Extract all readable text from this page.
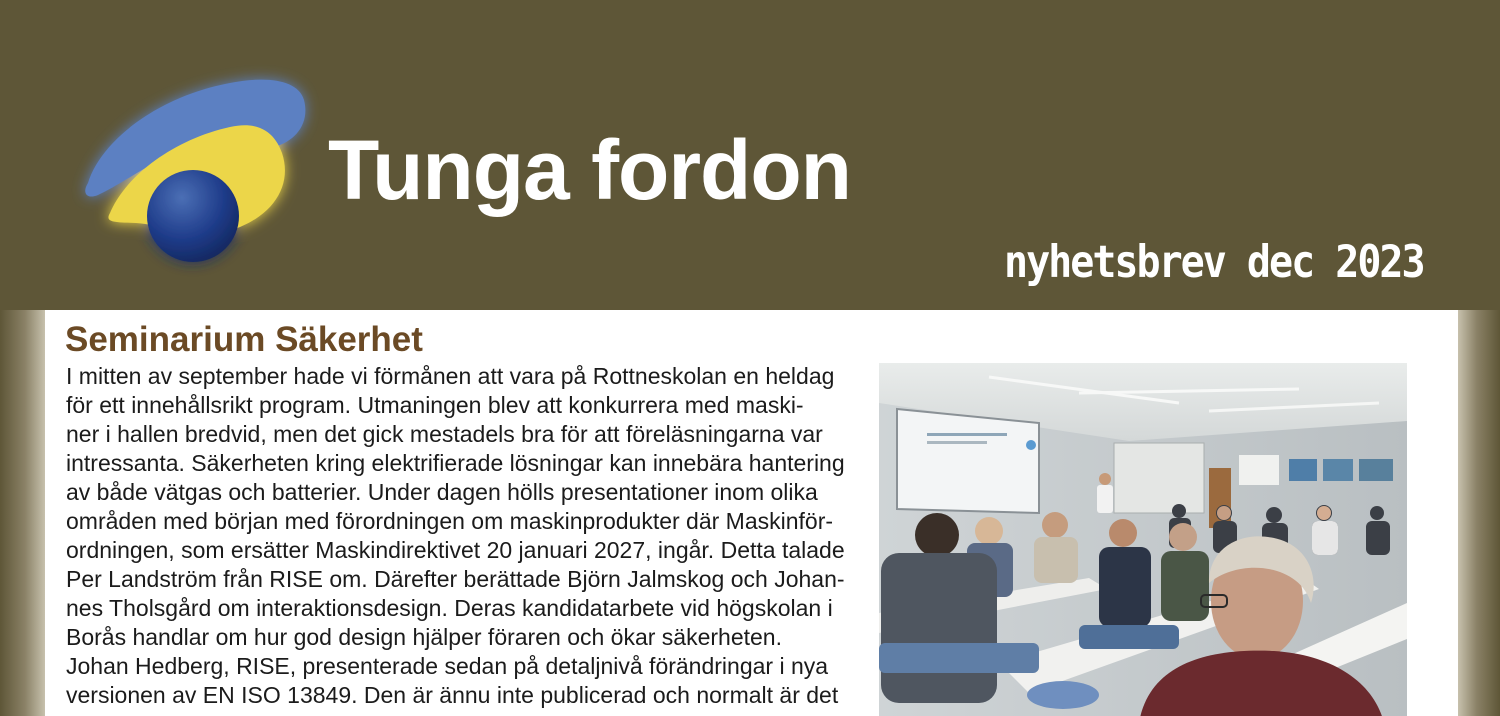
Tunga fordon
nyhetsbrev dec 2023
Seminarium Säkerhet
I mitten av september hade vi förmånen att vara på Rottneskolan en heldag
för ett innehållsrikt program. Utmaningen blev att konkurrera med maski-
ner i hallen bredvid, men det gick mestadels bra för att föreläsningarna var
intressanta. Säkerheten kring elektrifierade lösningar kan innebära hantering
av både vätgas och batterier. Under dagen hölls presentationer inom olika
områden med början med förordningen om maskinprodukter där Maskinför-
ordningen, som ersätter Maskindirektivet 20 januari 2027, ingår. Detta talade
Per Landström från RISE om. Därefter berättade Björn Jalmskog och Johan-
nes Tholsgård om interaktionsdesign. Deras kandidatarbete vid högskolan i
Borås handlar om hur god design hjälper föraren och ökar säkerheten.
Johan Hedberg, RISE, presenterade sedan på detaljnivå förändringar i nya
versionen av EN ISO 13849. Den är ännu inte publicerad och normalt är det
